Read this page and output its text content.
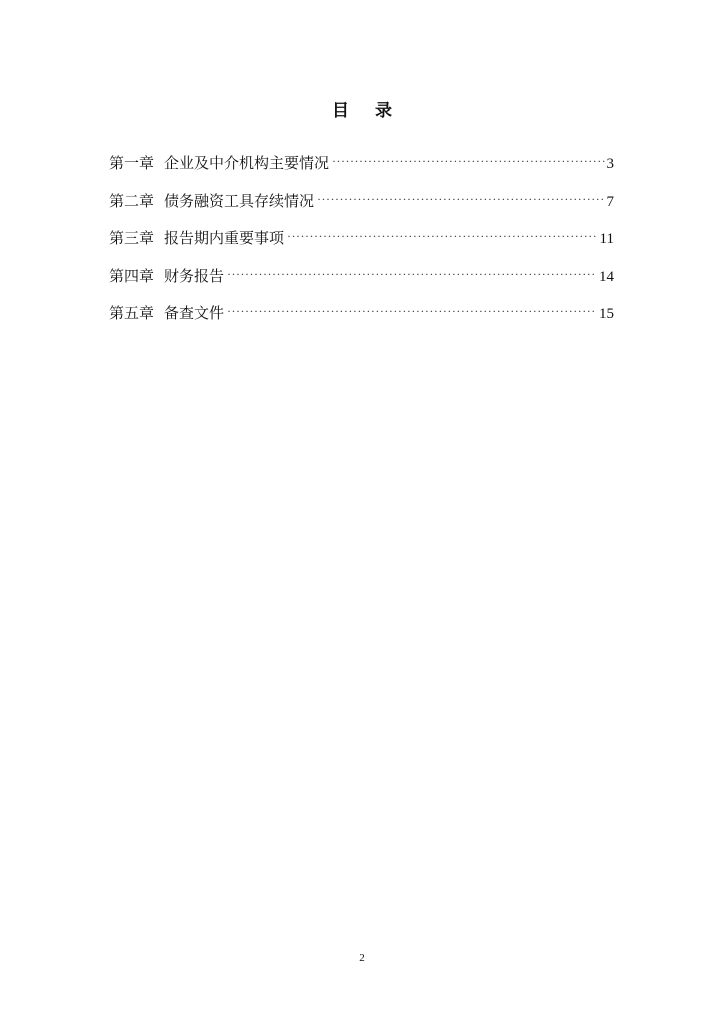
目 录
第一章 企业及中介机构主要情况 ·····	3
第二章 债务融资工具存续情况 ·····	7
第三章 报告期内重要事项 ·····	11
第四章 财务报告 ·····	14
第五章 备查文件 ·····	15
2
